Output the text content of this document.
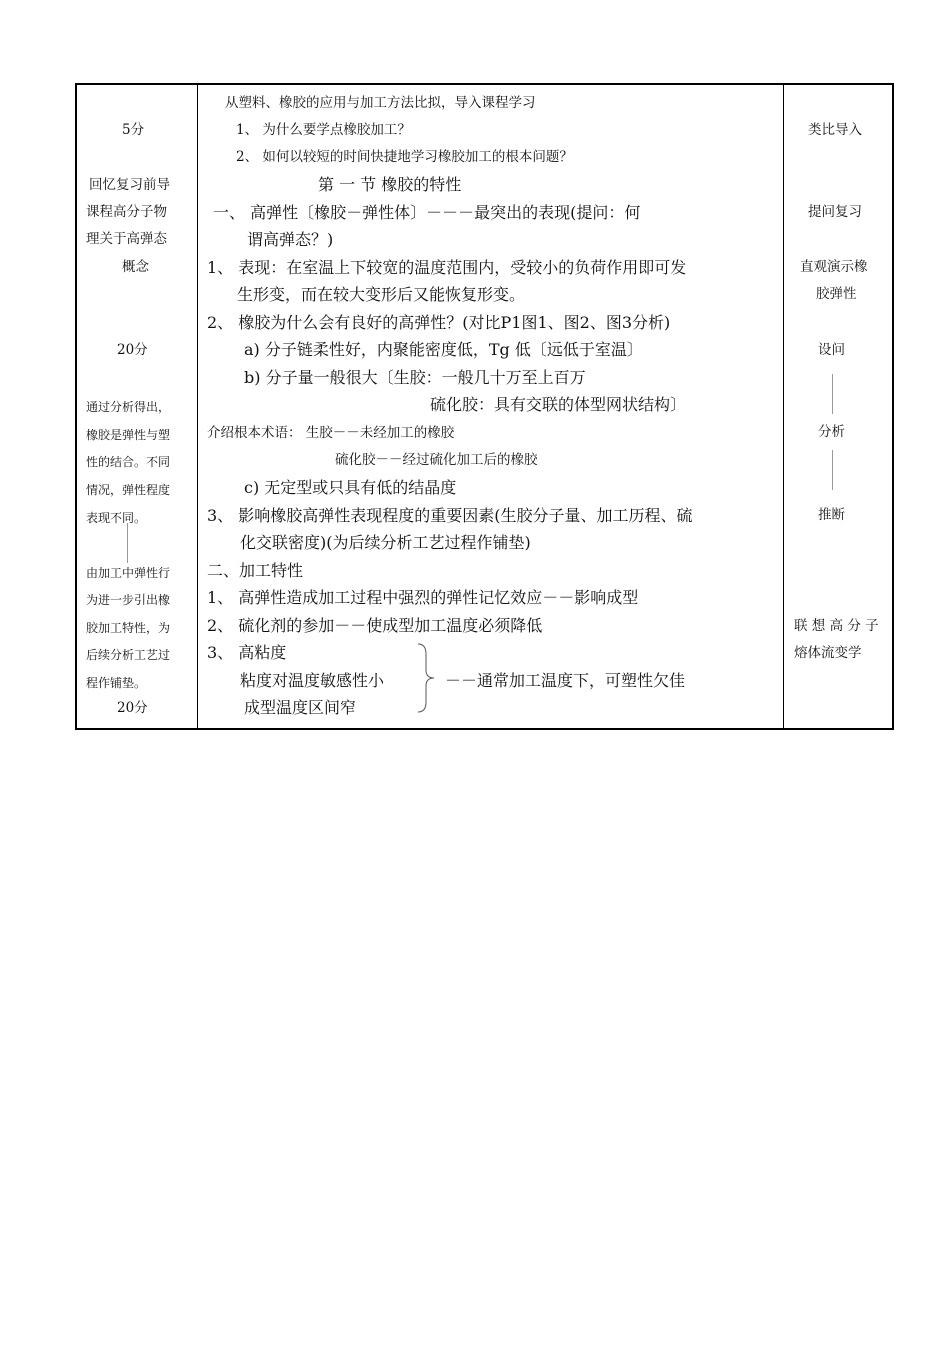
5分
回忆复习前导
课程高分子物
理关于高弹态
概念
20分
通过分析得出，
橡胶是弹性与塑
性的结合。不同
情况，弹性程度
表现不同。
由加工中弹性行
为进一步引出橡
胶加工特性，为
后续分析工艺过
程作铺垫。
20分
从塑料、橡胶的应用与加工方法比拟，导入课程学习
1、 为什么要学点橡胶加工？
2、 如何以较短的时间快捷地学习橡胶加工的根本问题？
第 一 节 橡胶的特性
一、 高弹性〔橡胶－弹性体〕－－－最突出的表现(提问：何
谓高弹态？)
1、 表现：在室温上下较宽的温度范围内，受较小的负荷作用即可发
生形变，而在较大变形后又能恢复形变。
2、 橡胶为什么会有良好的高弹性？(对比P1图1、图2、图3分析)
a) 分子链柔性好，内聚能密度低，Tg 低〔远低于室温〕
b) 分子量一般很大〔生胶：一般几十万至上百万
硫化胶：具有交联的体型网状结构〕
介绍根本术语： 生胶－－未经加工的橡胶
硫化胶－－经过硫化加工后的橡胶
c) 无定型或只具有低的结晶度
3、 影响橡胶高弹性表现程度的重要因素(生胶分子量、加工历程、硫
化交联密度)(为后续分析工艺过程作铺垫)
二、加工特性
1、 高弹性造成加工过程中强烈的弹性记忆效应－－影响成型
2、 硫化剂的参加－－使成型加工温度必须降低
3、 高粘度
粘度对温度敏感性小
成型温度区间窄
－－通常加工温度下，可塑性欠佳
类比导入
提问复习
直观演示橡
胶弹性
设问
分析
推断
联 想 高 分 子
熔体流变学
